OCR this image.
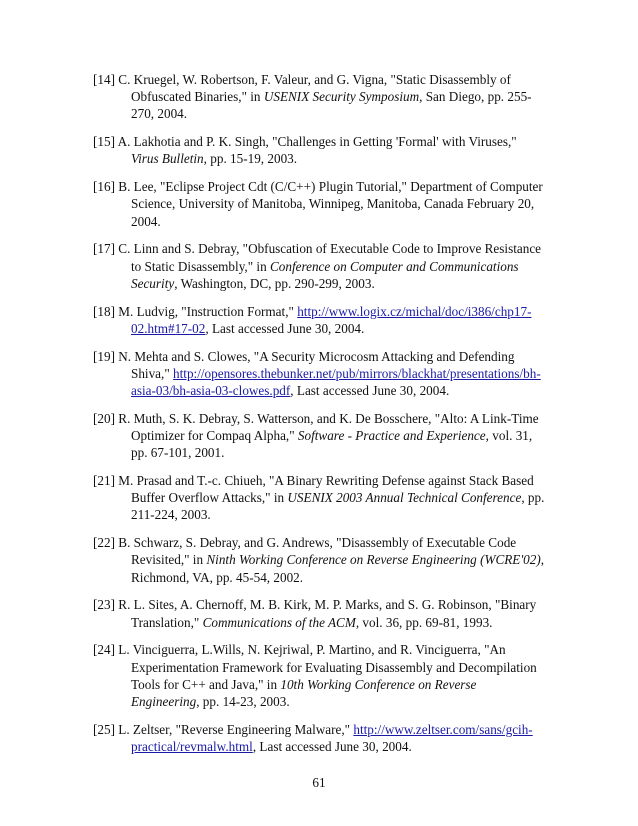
[14] C. Kruegel, W. Robertson, F. Valeur, and G. Vigna, "Static Disassembly of Obfuscated Binaries," in USENIX Security Symposium, San Diego, pp. 255-270, 2004.

[15] A. Lakhotia and P. K. Singh, "Challenges in Getting 'Formal' with Viruses," Virus Bulletin, pp. 15-19, 2003.

[16] B. Lee, "Eclipse Project Cdt (C/C++) Plugin Tutorial," Department of Computer Science, University of Manitoba, Winnipeg, Manitoba, Canada February 20, 2004.

[17] C. Linn and S. Debray, "Obfuscation of Executable Code to Improve Resistance to Static Disassembly," in Conference on Computer and Communications Security, Washington, DC, pp. 290-299, 2003.

[18] M. Ludvig, "Instruction Format," http://www.logix.cz/michal/doc/i386/chp17-02.htm#17-02, Last accessed June 30, 2004.

[19] N. Mehta and S. Clowes, "A Security Microcosm Attacking and Defending Shiva," http://opensores.thebunker.net/pub/mirrors/blackhat/presentations/bh-asia-03/bh-asia-03-clowes.pdf, Last accessed June 30, 2004.

[20] R. Muth, S. K. Debray, S. Watterson, and K. De Bosschere, "Alto: A Link-Time Optimizer for Compaq Alpha," Software - Practice and Experience, vol. 31, pp. 67-101, 2001.

[21] M. Prasad and T.-c. Chiueh, "A Binary Rewriting Defense against Stack Based Buffer Overflow Attacks," in USENIX 2003 Annual Technical Conference, pp. 211-224, 2003.

[22] B. Schwarz, S. Debray, and G. Andrews, "Disassembly of Executable Code Revisited," in Ninth Working Conference on Reverse Engineering (WCRE'02), Richmond, VA, pp. 45-54, 2002.

[23] R. L. Sites, A. Chernoff, M. B. Kirk, M. P. Marks, and S. G. Robinson, "Binary Translation," Communications of the ACM, vol. 36, pp. 69-81, 1993.

[24] L. Vinciguerra, L.Wills, N. Kejriwal, P. Martino, and R. Vinciguerra, "An Experimentation Framework for Evaluating Disassembly and Decompilation Tools for C++ and Java," in 10th Working Conference on Reverse Engineering, pp. 14-23, 2003.

[25] L. Zeltser, "Reverse Engineering Malware," http://www.zeltser.com/sans/gcih-practical/revmalw.html, Last accessed June 30, 2004.

61
